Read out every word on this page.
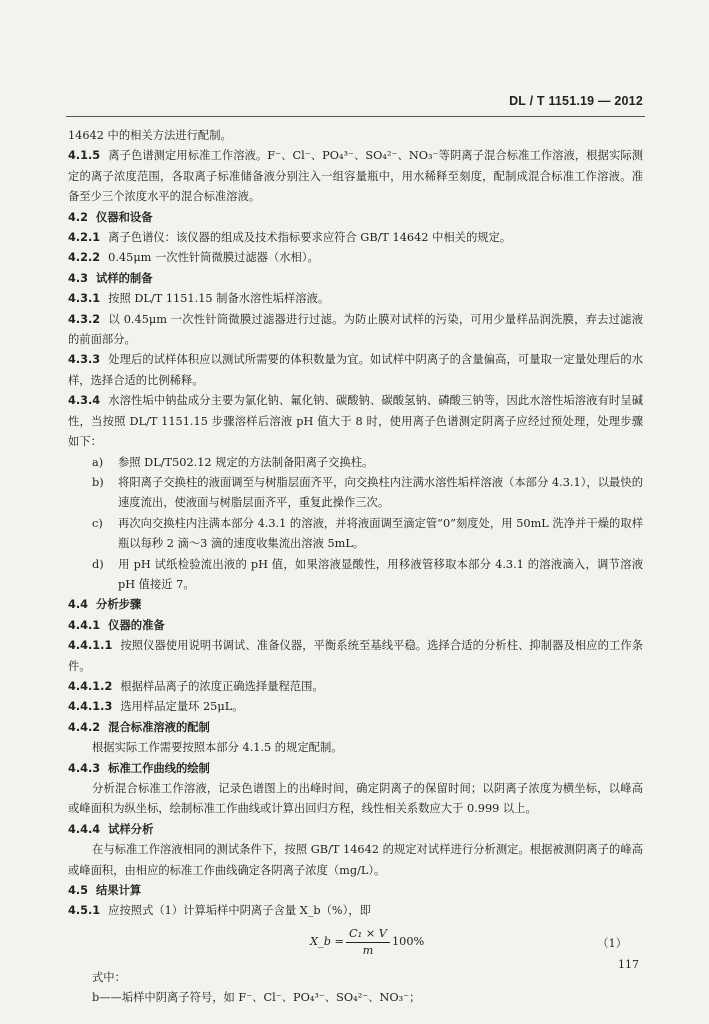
DL / T 1151.19 — 2012

14642 中的相关方法进行配制。

4.1.5 离子色谱测定用标准工作溶液。F⁻、Cl⁻、PO₄³⁻、SO₄²⁻、NO₃⁻等阴离子混合标准工作溶液，根据实际测定的离子浓度范围，各取离子标准储备液分别注入一组容量瓶中，用水稀释至刻度，配制成混合标准工作溶液。准备至少三个浓度水平的混合标准溶液。

4.2 仪器和设备

4.2.1 离子色谱仪：该仪器的组成及技术指标要求应符合 GB/T 14642 中相关的规定。

4.2.2 0.45μm 一次性针筒微膜过滤器（水相）。

4.3 试样的制备

4.3.1 按照 DL/T 1151.15 制备水溶性垢样溶液。

4.3.2 以 0.45μm 一次性针筒微膜过滤器进行过滤。为防止膜对试样的污染，可用少量样品润洗膜，弃去过滤液的前面部分。

4.3.3 处理后的试样体积应以测试所需要的体积数量为宜。如试样中阴离子的含量偏高，可量取一定量处理后的水样，选择合适的比例稀释。

4.3.4 水溶性垢中钠盐成分主要为氯化钠、氟化钠、碳酸钠、碳酸氢钠、磷酸三钠等，因此水溶性垢溶液有时呈碱性，当按照 DL/T 1151.15 步骤溶样后溶液 pH 值大于 8 时，使用离子色谱测定阴离子应经过预处理，处理步骤如下：

a) 参照 DL/T502.12 规定的方法制备阳离子交换柱。

b) 将阳离子交换柱的液面调至与树脂层面齐平，向交换柱内注满水溶性垢样溶液（本部分 4.3.1），以最快的速度流出，使液面与树脂层面齐平，重复此操作三次。

c) 再次向交换柱内注满本部分 4.3.1 的溶液，并将液面调至滴定管“0”刻度处，用 50mL 洗净并干燥的取样瓶以每秒 2 滴～3 滴的速度收集流出溶液 5mL。

d) 用 pH 试纸检验流出液的 pH 值，如果溶液显酸性，用移液管移取本部分 4.3.1 的溶液滴入，调节溶液 pH 值接近 7。

4.4 分析步骤

4.4.1 仪器的准备

4.4.1.1 按照仪器使用说明书调试、准备仪器，平衡系统至基线平稳。选择合适的分析柱、抑制器及相应的工作条件。

4.4.1.2 根据样品离子的浓度正确选择量程范围。

4.4.1.3 选用样品定量环 25μL。

4.4.2 混合标准溶液的配制

根据实际工作需要按照本部分 4.1.5 的规定配制。

4.4.3 标准工作曲线的绘制

分析混合标准工作溶液，记录色谱图上的出峰时间，确定阴离子的保留时间；以阴离子浓度为横坐标，以峰高或峰面积为纵坐标，绘制标准工作曲线或计算出回归方程，线性相关系数应大于 0.999 以上。

4.4.4 试样分析

在与标准工作溶液相同的测试条件下，按照 GB/T 14642 的规定对试样进行分析测定。根据被测阴离子的峰高或峰面积，由相应的标准工作曲线确定各阴离子浓度（mg/L）。

4.5 结果计算

4.5.1 应按照式（1）计算垢样中阴离子含量 X_b（%），即

X_b = $\frac{\text{C₁ × V}}{m} 100\%$	（1）

式中：

b——垢样中阴离子符号，如 F⁻、Cl⁻、PO₄³⁻、SO₄²⁻、NO₃⁻；

117
